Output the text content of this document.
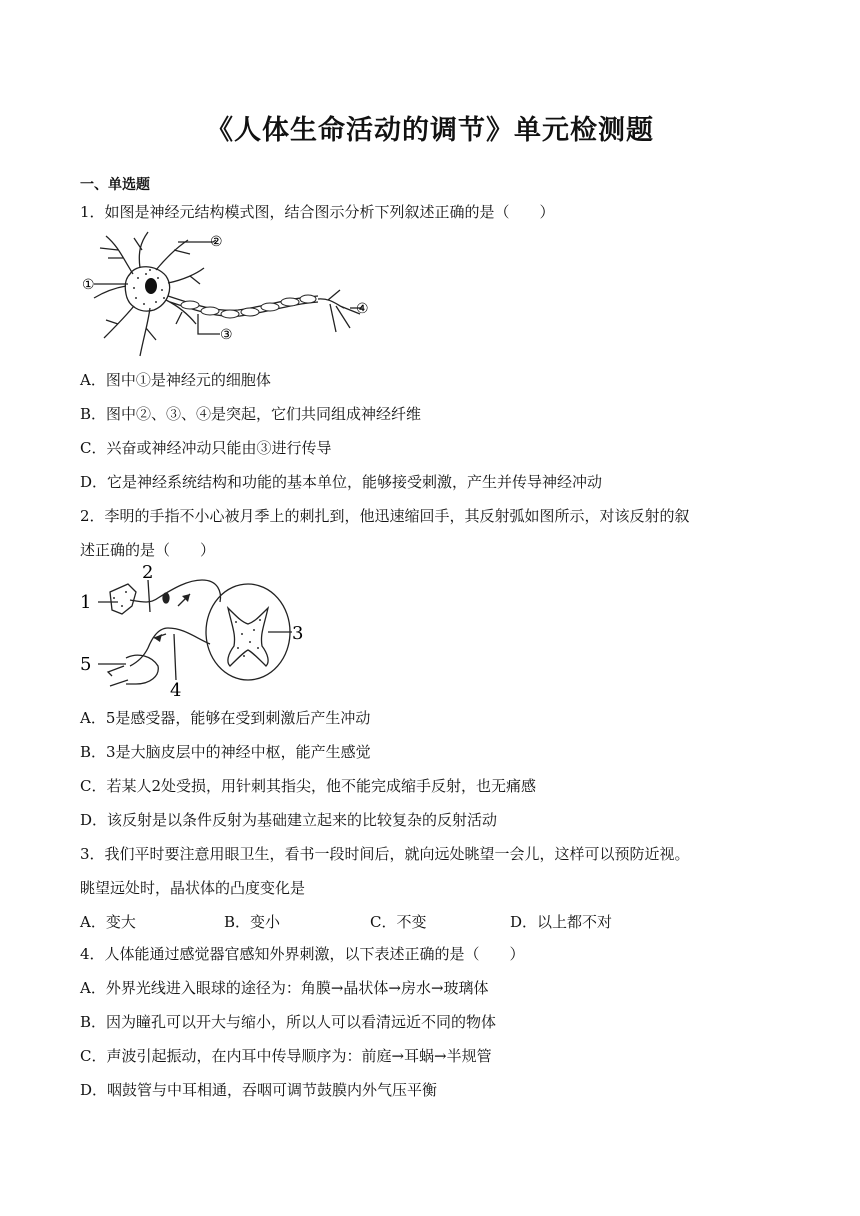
《人体生命活动的调节》单元检测题
一、单选题
1．如图是神经元结构模式图，结合图示分析下列叙述正确的是（　　）
①
②
③
④
A．图中①是神经元的细胞体
B．图中②、③、④是突起，它们共同组成神经纤维
C．兴奋或神经冲动只能由③进行传导
D．它是神经系统结构和功能的基本单位，能够接受刺激，产生并传导神经冲动
2．李明的手指不小心被月季上的刺扎到，他迅速缩回手，其反射弧如图所示，对该反射的叙
述正确的是（　　）
1
2
3
4
5
A．5是感受器，能够在受到刺激后产生冲动
B．3是大脑皮层中的神经中枢，能产生感觉
C．若某人2处受损，用针刺其指尖，他不能完成缩手反射，也无痛感
D．该反射是以条件反射为基础建立起来的比较复杂的反射活动
3．我们平时要注意用眼卫生，看书一段时间后，就向远处眺望一会儿，这样可以预防近视。
眺望远处时，晶状体的凸度变化是
A．变大	B．变小	C．不变	D．以上都不对
4．人体能通过感觉器官感知外界刺激，以下表述正确的是（　　）
A．外界光线进入眼球的途径为：角膜→晶状体→房水→玻璃体
B．因为瞳孔可以开大与缩小，所以人可以看清远近不同的物体
C．声波引起振动，在内耳中传导顺序为：前庭→耳蜗→半规管
D．咽鼓管与中耳相通，吞咽可调节鼓膜内外气压平衡
